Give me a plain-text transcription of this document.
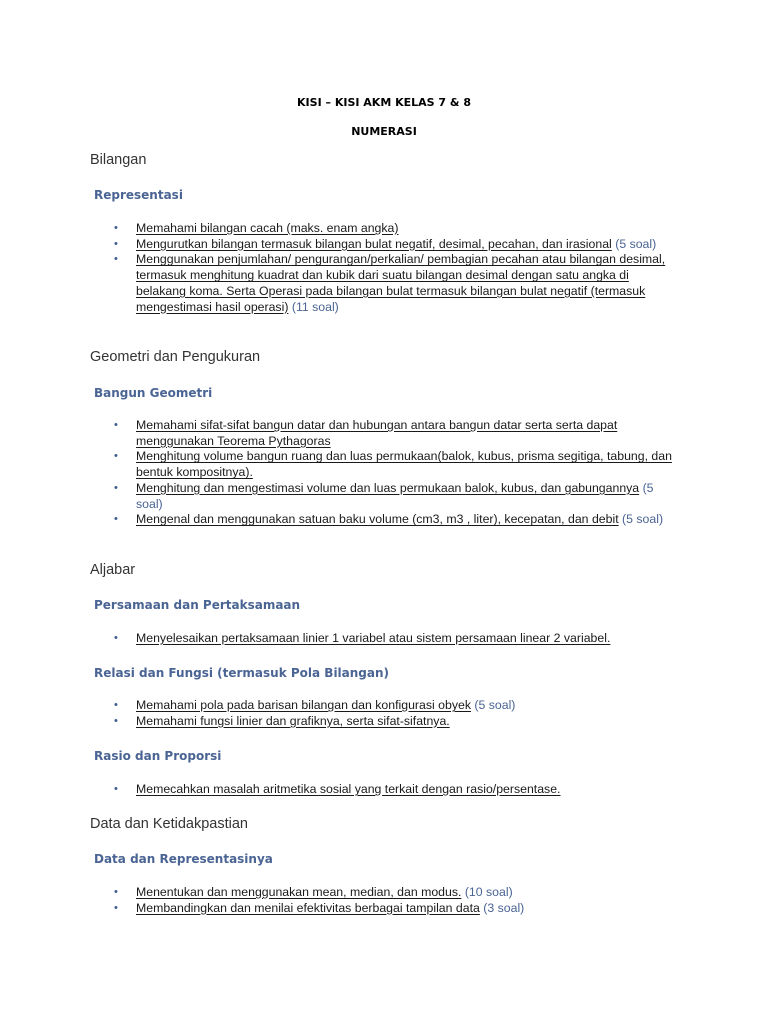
KISI – KISI AKM KELAS 7 & 8
NUMERASI
Bilangan
Representasi
• Memahami bilangan cacah (maks. enam angka)
• Mengurutkan bilangan termasuk bilangan bulat negatif, desimal, pecahan, dan irasional (5 soal)
• Menggunakan penjumlahan/ pengurangan/perkalian/ pembagian pecahan atau bilangan desimal, termasuk menghitung kuadrat dan kubik dari suatu bilangan desimal dengan satu angka di belakang koma. Serta Operasi pada bilangan bulat termasuk bilangan bulat negatif (termasuk mengestimasi hasil operasi) (11 soal)
Geometri dan Pengukuran
Bangun Geometri
• Memahami sifat-sifat bangun datar dan hubungan antara bangun datar serta serta dapat menggunakan Teorema Pythagoras
• Menghitung volume bangun ruang dan luas permukaan(balok, kubus, prisma segitiga, tabung, dan bentuk kompositnya).
• Menghitung dan mengestimasi volume dan luas permukaan balok, kubus, dan gabungannya (5 soal)
• Mengenal dan menggunakan satuan baku volume (cm3, m3 , liter), kecepatan, dan debit (5 soal)
Aljabar
Persamaan dan Pertaksamaan
• Menyelesaikan pertaksamaan linier 1 variabel atau sistem persamaan linear 2 variabel.
Relasi dan Fungsi (termasuk Pola Bilangan)
• Memahami pola pada barisan bilangan dan konfigurasi obyek (5 soal)
• Memahami fungsi linier dan grafiknya, serta sifat-sifatnya.
Rasio dan Proporsi
• Memecahkan masalah aritmetika sosial yang terkait dengan rasio/persentase.
Data dan Ketidakpastian
Data dan Representasinya
• Menentukan dan menggunakan mean, median, dan modus. (10 soal)
• Membandingkan dan menilai efektivitas berbagai tampilan data (3 soal)
